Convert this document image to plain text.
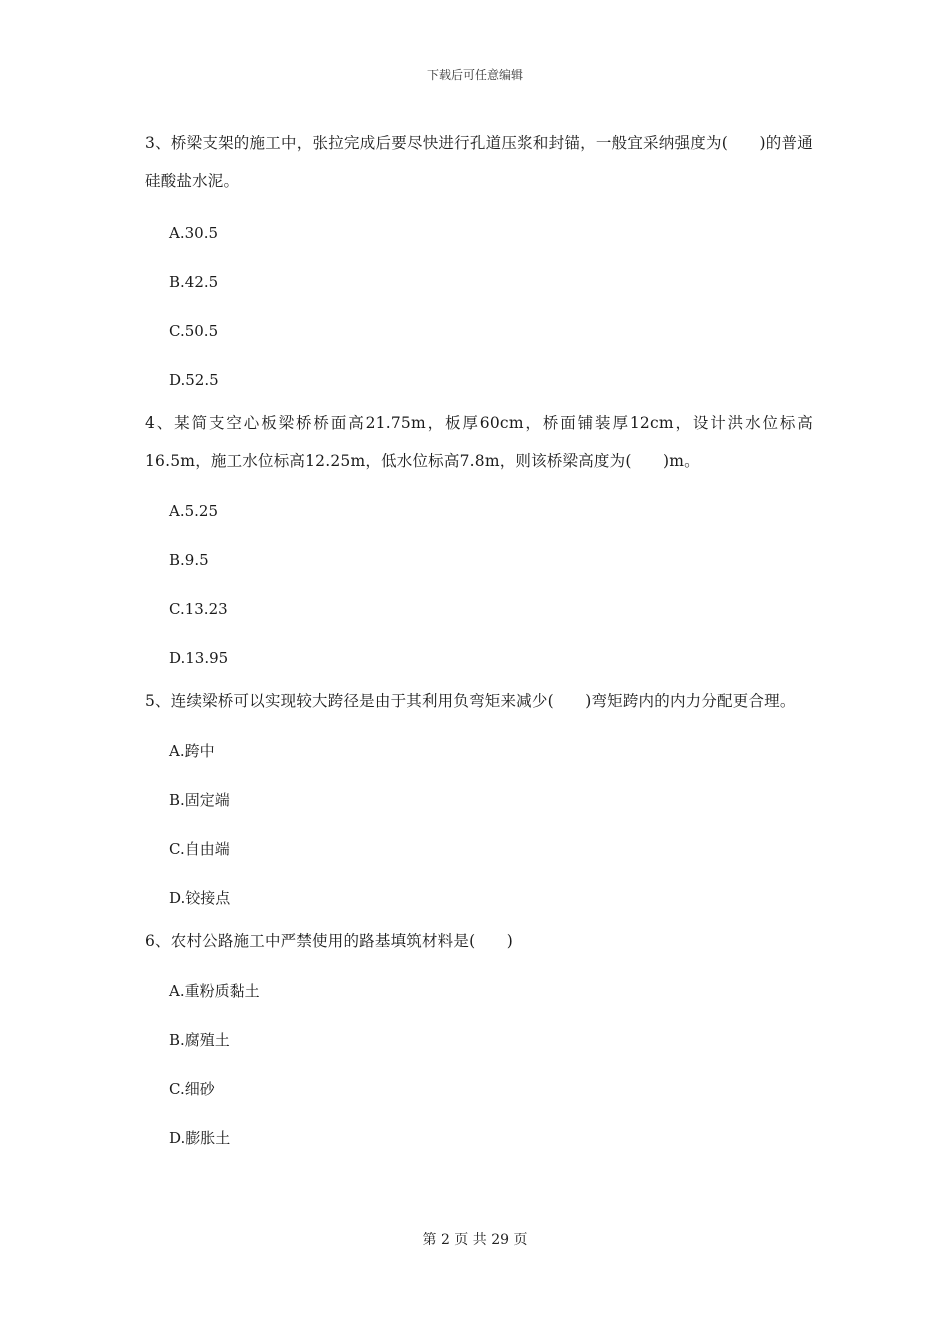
下载后可任意编辑

3、桥梁支架的施工中，张拉完成后要尽快进行孔道压浆和封锚，一般宜采纳强度为(　　)的普通硅酸盐水泥。

A.30.5

B.42.5

C.50.5

D.52.5

4、某简支空心板梁桥桥面高21.75m，板厚60cm，桥面铺装厚12cm，设计洪水位标高16.5m，施工水位标高12.25m，低水位标高7.8m，则该桥梁高度为(　　)m。

A.5.25

B.9.5

C.13.23

D.13.95

5、连续梁桥可以实现较大跨径是由于其利用负弯矩来减少(　　)弯矩跨内的内力分配更合理。

A.跨中

B.固定端

C.自由端

D.铰接点

6、农村公路施工中严禁使用的路基填筑材料是(　　)

A.重粉质黏土

B.腐殖土

C.细砂

D.膨胀土

第 2 页 共 29 页
